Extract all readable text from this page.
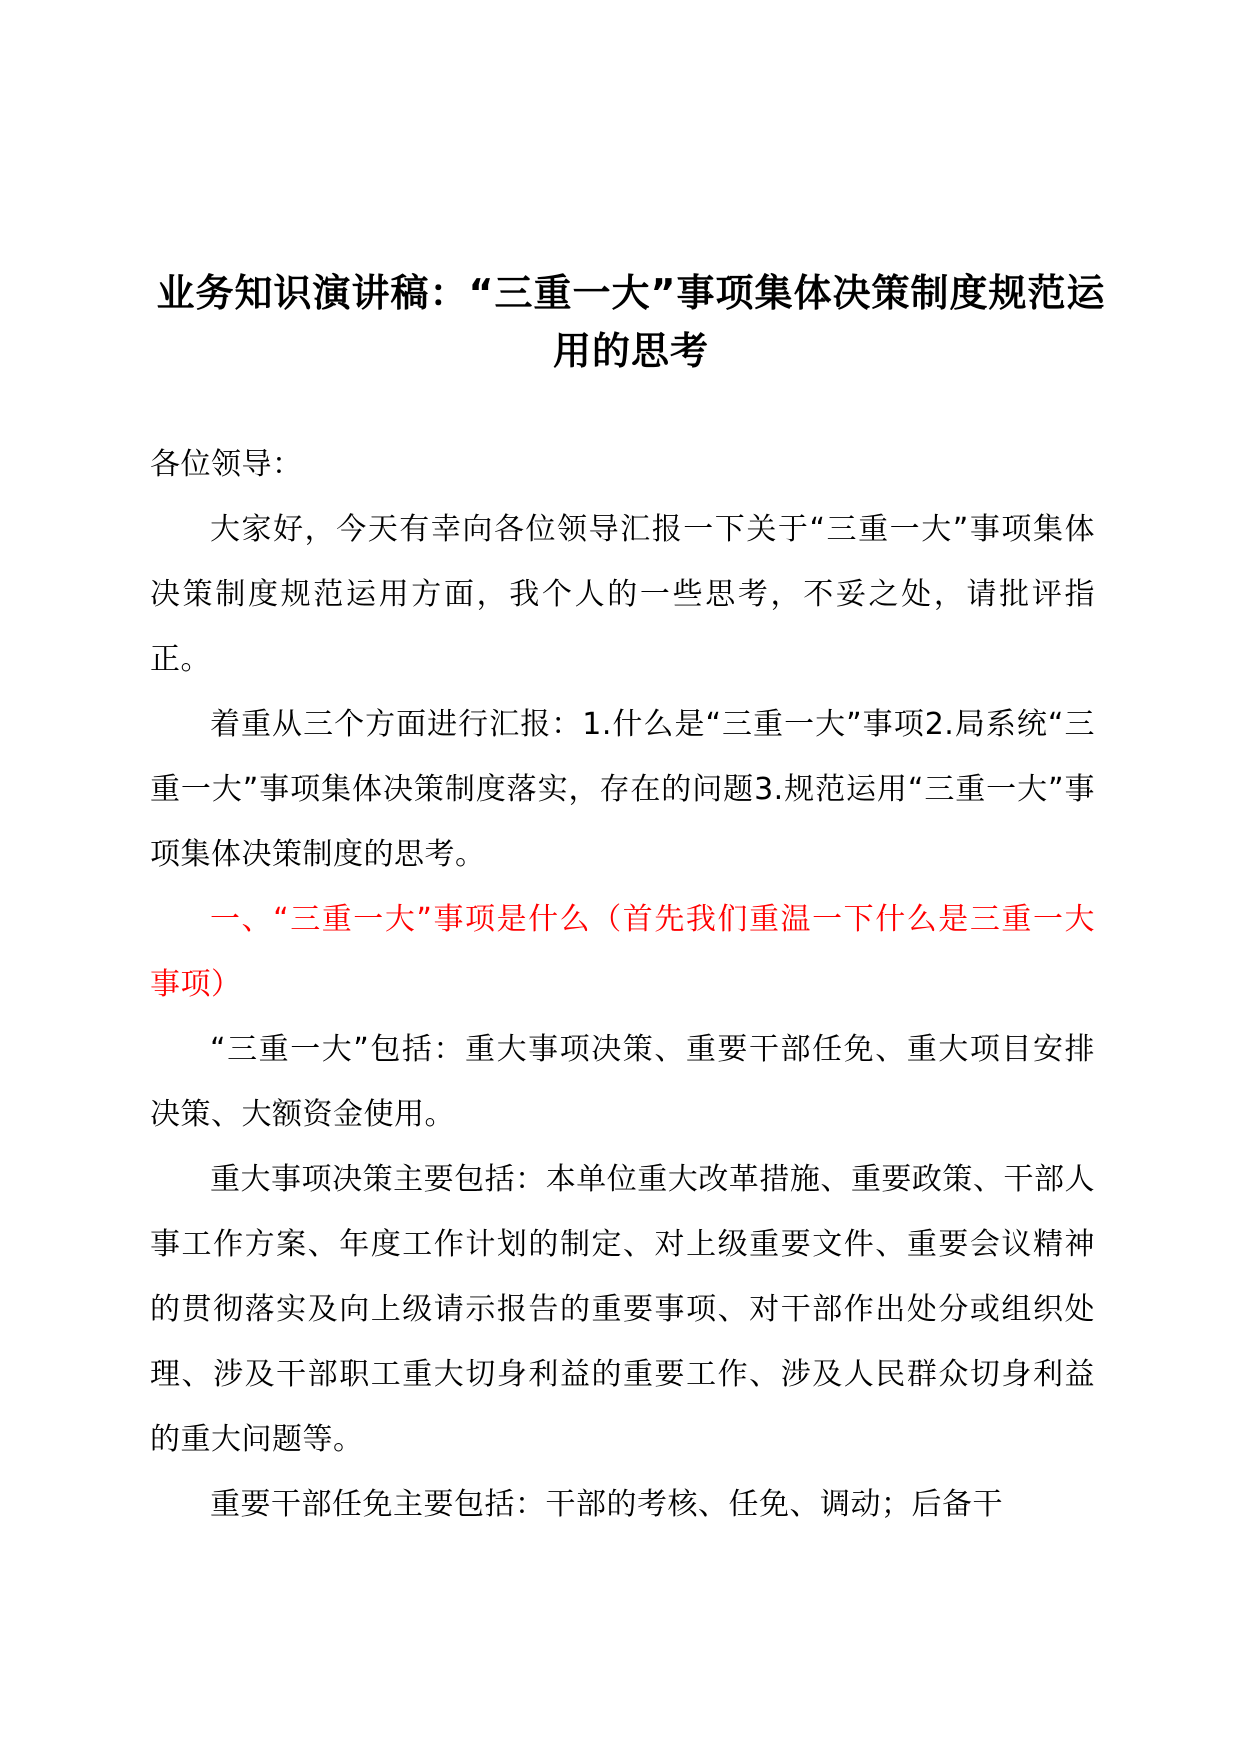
业务知识演讲稿：“三重一大”事项集体决策制度规范运用的思考

各位领导：

大家好，今天有幸向各位领导汇报一下关于“三重一大”事项集体决策制度规范运用方面，我个人的一些思考，不妥之处，请批评指正。

着重从三个方面进行汇报：1.什么是“三重一大”事项2.局系统“三重一大”事项集体决策制度落实，存在的问题3.规范运用“三重一大”事项集体决策制度的思考。

一、“三重一大”事项是什么（首先我们重温一下什么是三重一大事项）

“三重一大”包括：重大事项决策、重要干部任免、重大项目安排决策、大额资金使用。

重大事项决策主要包括：本单位重大改革措施、重要政策、干部人事工作方案、年度工作计划的制定、对上级重要文件、重要会议精神的贯彻落实及向上级请示报告的重要事项、对干部作出处分或组织处理、涉及干部职工重大切身利益的重要工作、涉及人民群众切身利益的重大问题等。

重要干部任免主要包括：干部的考核、任免、调动；后备干
